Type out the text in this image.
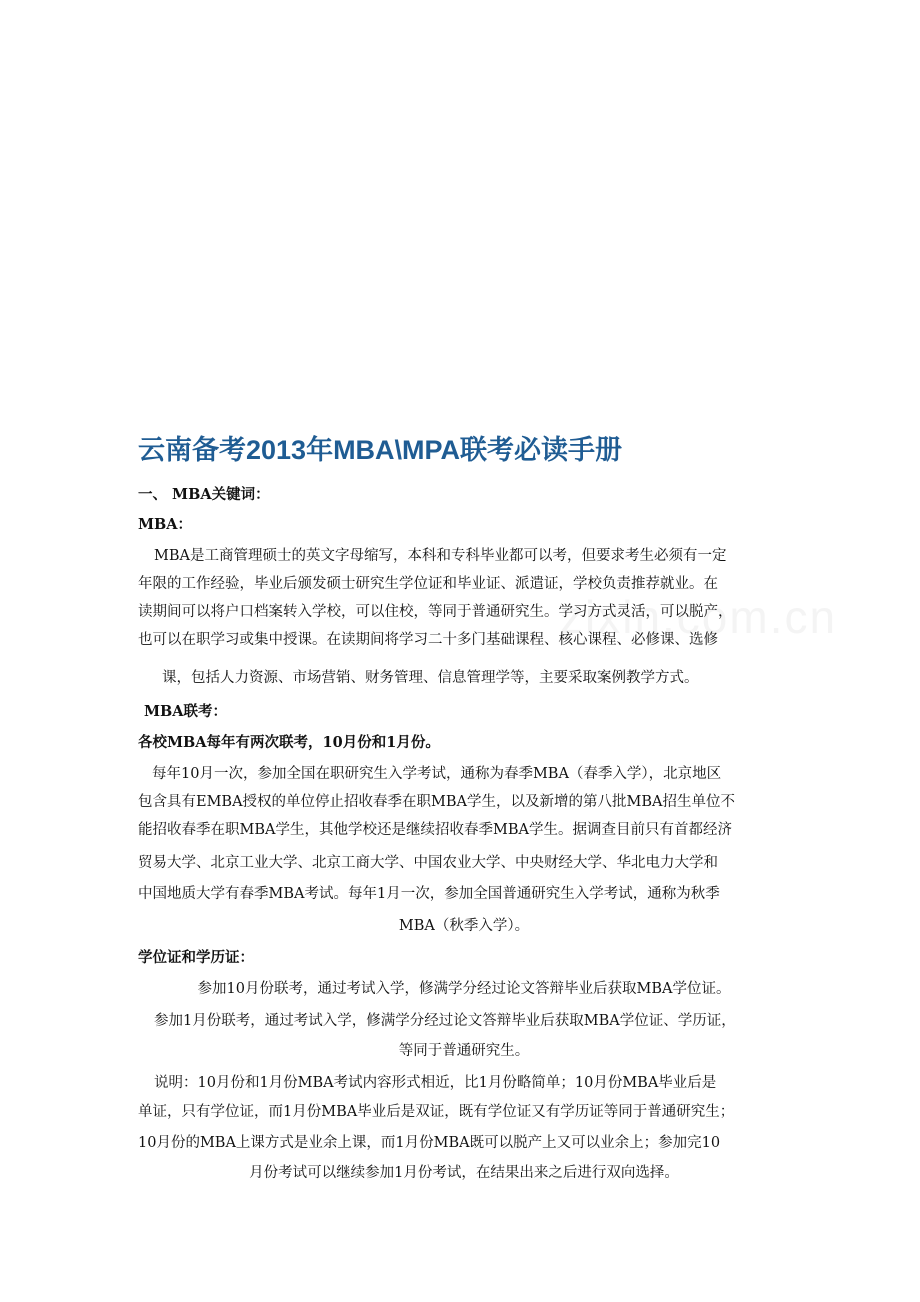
zixin.com.cn
云南备考2013年MBA\MPA联考必读手册

一、 MBA关键词：

MBA：

MBA是工商管理硕士的英文字母缩写，本科和专科毕业都可以考，但要求考生必须有一定

年限的工作经验，毕业后颁发硕士研究生学位证和毕业证、派遣证，学校负责推荐就业。在

读期间可以将户口档案转入学校，可以住校，等同于普通研究生。学习方式灵活，可以脱产，

也可以在职学习或集中授课。在读期间将学习二十多门基础课程、核心课程、必修课、选修

课，包括人力资源、市场营销、财务管理、信息管理学等，主要采取案例教学方式。

MBA联考：

各校MBA每年有两次联考，10月份和1月份。

每年10月一次，参加全国在职研究生入学考试，通称为春季MBA（春季入学），北京地区

包含具有EMBA授权的单位停止招收春季在职MBA学生，以及新增的第八批MBA招生单位不

能招收春季在职MBA学生，其他学校还是继续招收春季MBA学生。据调查目前只有首都经济

贸易大学、北京工业大学、北京工商大学、中国农业大学、中央财经大学、华北电力大学和

中国地质大学有春季MBA考试。每年1月一次，参加全国普通研究生入学考试，通称为秋季

MBA（秋季入学）。

学位证和学历证：

参加10月份联考，通过考试入学，修满学分经过论文答辩毕业后获取MBA学位证。

参加1月份联考，通过考试入学，修满学分经过论文答辩毕业后获取MBA学位证、学历证，

等同于普通研究生。

说明：10月份和1月份MBA考试内容形式相近，比1月份略简单；10月份MBA毕业后是

单证，只有学位证，而1月份MBA毕业后是双证，既有学位证又有学历证等同于普通研究生；

10月份的MBA上课方式是业余上课，而1月份MBA既可以脱产上又可以业余上；参加完10

月份考试可以继续参加1月份考试，在结果出来之后进行双向选择。
